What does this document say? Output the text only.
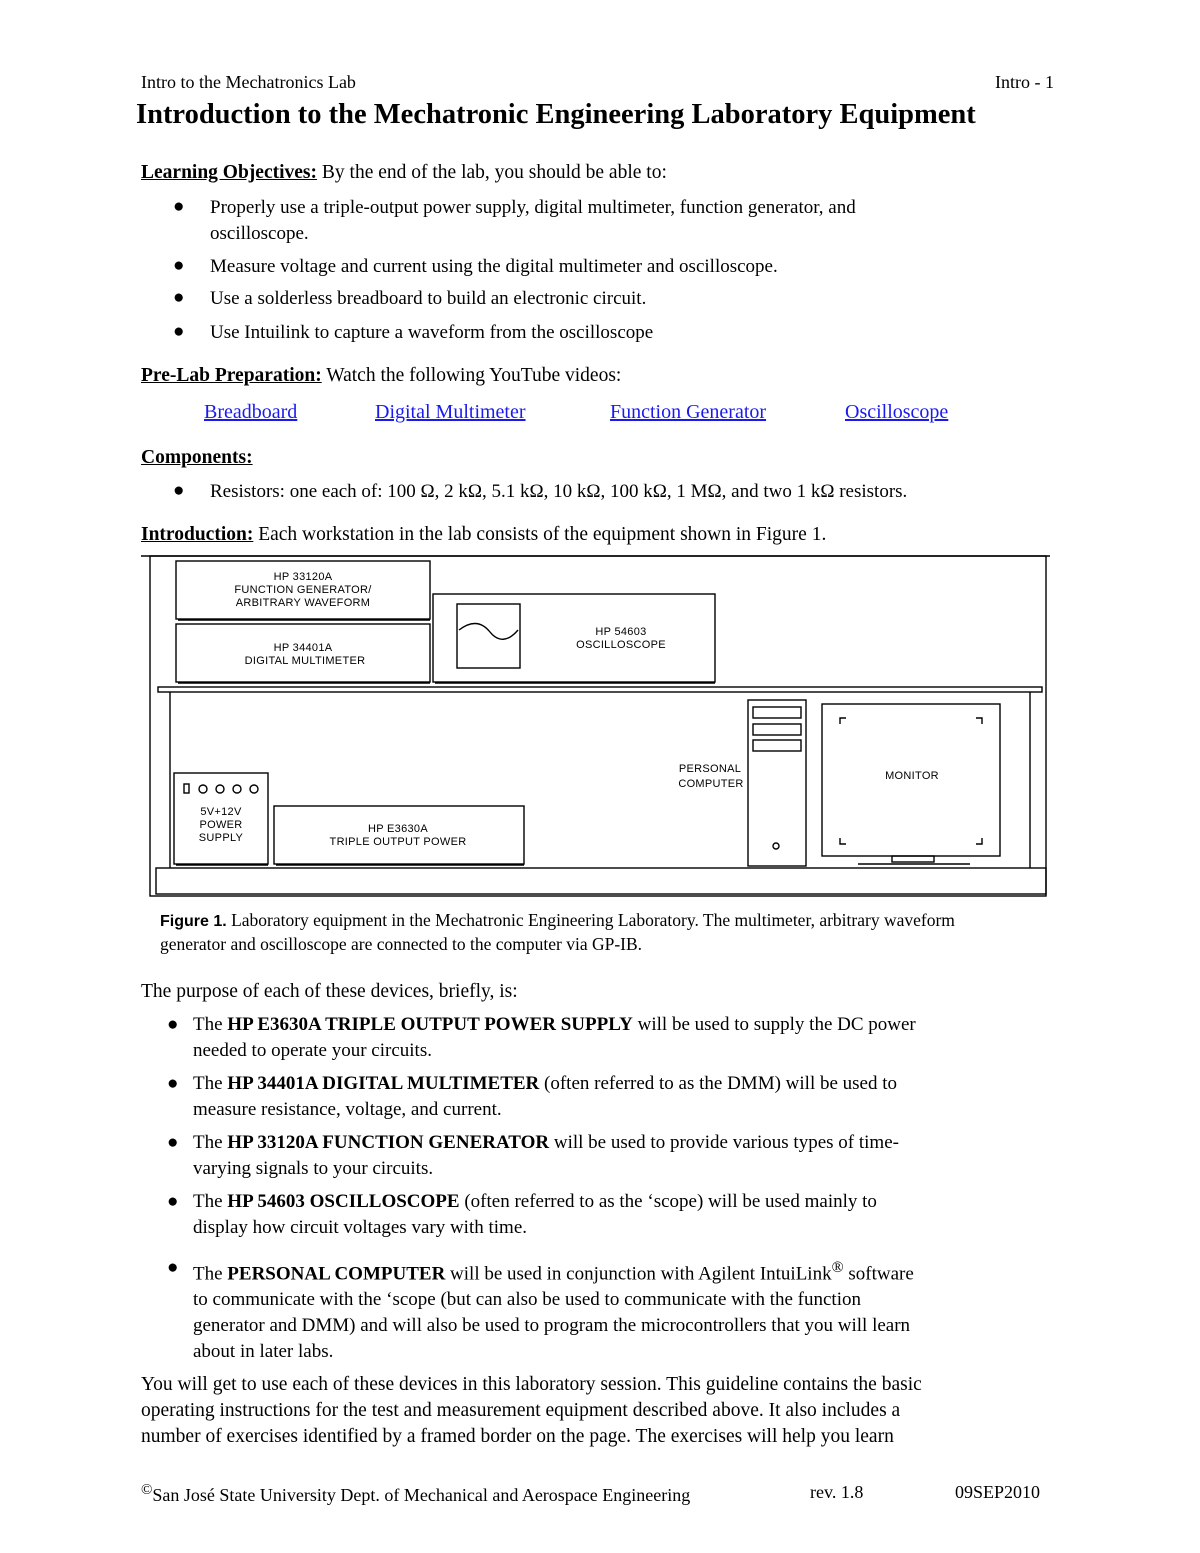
Intro to the Mechatronics Lab	Intro - 1
Introduction to the Mechatronic Engineering Laboratory Equipment
Learning Objectives: By the end of the lab, you should be able to:
● Properly use a triple-output power supply, digital multimeter, function generator, and
oscilloscope.
● Measure voltage and current using the digital multimeter and oscilloscope.
● Use a solderless breadboard to build an electronic circuit.
● Use Intuilink to capture a waveform from the oscilloscope
Pre-Lab Preparation: Watch the following YouTube videos:
Breadboard	Digital Multimeter	Function Generator	Oscilloscope
Components:
● Resistors: one each of: 100 Ω, 2 kΩ, 5.1 kΩ, 10 kΩ, 100 kΩ, 1 MΩ, and two 1 kΩ resistors.
Introduction: Each workstation in the lab consists of the equipment shown in Figure 1.
HP 33120A
FUNCTION GENERATOR/
ARBITRARY WAVEFORM
HP 34401A
DIGITAL MULTIMETER
HP 54603
OSCILLOSCOPE
PERSONAL
COMPUTER
MONITOR
5V+12V
POWER
SUPPLY
HP E3630A
TRIPLE OUTPUT POWER
Figure 1. Laboratory equipment in the Mechatronic Engineering Laboratory. The multimeter, arbitrary waveform generator and oscilloscope are connected to the computer via GP-IB.
The purpose of each of these devices, briefly, is:
● The HP E3630A TRIPLE OUTPUT POWER SUPPLY will be used to supply the DC power
needed to operate your circuits.
● The HP 34401A DIGITAL MULTIMETER (often referred to as the DMM) will be used to
measure resistance, voltage, and current.
● The HP 33120A FUNCTION GENERATOR will be used to provide various types of time-
varying signals to your circuits.
● The HP 54603 OSCILLOSCOPE (often referred to as the ‘scope) will be used mainly to
display how circuit voltages vary with time.
● The PERSONAL COMPUTER will be used in conjunction with Agilent IntuiLink® software
to communicate with the ‘scope (but can also be used to communicate with the function
generator and DMM) and will also be used to program the microcontrollers that you will learn
about in later labs.
You will get to use each of these devices in this laboratory session. This guideline contains the basic
operating instructions for the test and measurement equipment described above. It also includes a
number of exercises identified by a framed border on the page. The exercises will help you learn
©San José State University Dept. of Mechanical and Aerospace Engineering	rev. 1.8	09SEP2010
